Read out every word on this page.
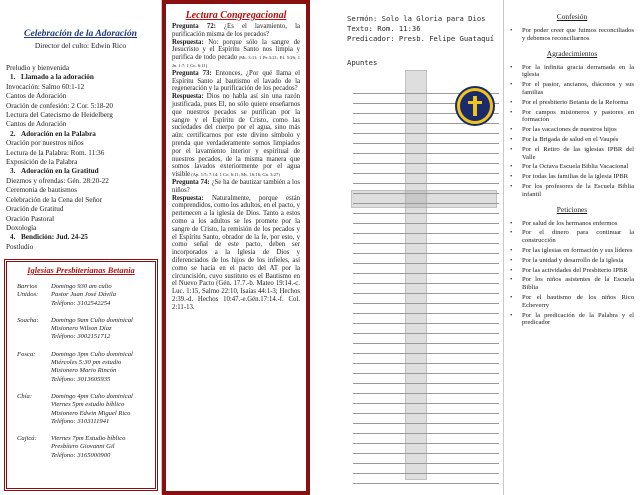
Celebración de la Adoración
Director del culto: Edwin Rico
Preludio y bienvenida
1. Llamado a la adoración
Invocación: Salmo 60:1-12
Cantos de Adoración
Oración de confesión: 2 Cor. 5:18-20
Lectura del Catecismo de Heidelberg
Cantos de Adoración
2. Adoración en la Palabra
Oración por nuestros niños
Lectura de la Palabra: Rom. 11:36
Exposición de la Palabra
3. Adoración en la Gratitud
Diezmos y ofrendas: Gén. 28:20-22
Ceremonia de bautismos
Celebración de la Cena del Señor
Oración de Gratitud
Oración Pastoral
Doxología
4. Bendición: Jud. 24-25
Postludio
Iglesias Presbiterianas Betania
Barrios Unidos:
Domingo 930 am culto
Pastor Juan José Dávila
Teléfono: 3102542254
Soacha:	Domingo 9am Culto dominical
Misionero Wilson Díaz
Teléfono: 3002151712
Fosca:	Domingo 3pm Culto dominical
Miércoles 5:30 pm estudio
Misionero Mario Rincón
Teléfono: 3013605935
Chía:	Domingo 4pm Culto dominical
Viernes 5pm estudio bíblico
Misionero Edwin Miguel Rico
Teléfono: 3103111941
Cajicá:	Viernes 7pm Estudio bíblico
Presbítero Giovanni Gil
Teléfono: 3165000900
Lectura Congregacional

Pregunta 72: ¿Es el lavamiento, la purificación misma de los pecados?

Respuesta: No: porque sólo la sangre de Jesucristo y el Espíritu Santo nos limpia y purifica de todo pecado (Mt. 3:11; 1 Pe.3:21; Ef. 5:26; 1 Jn. 1:7; 1 Co. 6:11)

Pregunta 73: Entonces, ¿Por qué llama el Espíritu Santo al bautismo el lavado de la regeneración y la purificación de los pecados?

Respuesta: Dios no habla así sin una razón justificada, pues El, no sólo quiere enseñarnos que nuestros pecados se purifican por la sangre y el Espíritu de Cristo, como las suciedades del cuerpo por el agua, sino más aún: certificarnos por este divino símbolo y prenda que verdaderamente somos limpiados por el lavamiento interior y espiritual de nuestros pecados, de la misma manera que somos lavados exteriormente por el agua visible (Ap. 1:5; 7:14; 1 Co. 6:11; Mc. 16:16; Gá. 3:27)

Pregunta 74: ¿Se ha de bautizar también a los niños?

Respuesta: Naturalmente, porque están comprendidos, como los adultos, en el pacto, y pertenecen a la iglesia de Dios. Tanto a estos como a los adultos se les promete por la sangre de Cristo, la remisión de los pecados y el Espíritu Santo, obrador de la fe, por esto, y como señal de este pacto, deben ser incorporados a la Iglesia de Dios y diferenciados de los hijos de los infieles, así como se hacía en el pacto del AT por la circuncisión, cuyo sustituto es el Bautismo en el Nuevo Pacto (Gén. 17.7.-b. Mateo 19:14.-c. Luc. 1:15, Salmo 22:10, Isaías 44:1-3; Hechos 2:39.-d. Hechos 10:47.-e.Gén.17:14.-f. Col. 2:11-13.

Sermón: Solo la Gloria para Dios
Texto: Rom. 11:36
Predicador: Presb. Felipe Guataquí
Apuntes
Confesión
•	Por poder creer que fuimos reconciliados y debemos reconciliarnos
Agradecimientos
•	Por la infinita gracia derramada en la iglesia
•	Por el pastor, ancianos, diáconos y sus familias
•	Por el presbiterio Betania de la Reforma
•	Por campos misioneros y pastores en formación
•	Por las vacaciones de nuestros hijos
•	Por la Brigada de salud en el Vaupés
•	Por el Retiro de las iglesias IPBR del Valle
•	Por la Octava Escuela Biblia Vacacional
•	Por todas las familias de la iglesia IPBR
•	Por los profesores de la Escuela Biblia infantil
Peticiones
•	Por salud de los hermanos enfermos
•	Por el dinero para continuar la construcción
•	Por las iglesias en formación y sus líderes
•	Por la unidad y desarrollo de la iglesia
•	Por las actividades del Presbiterio IPBR
•	Por los niños asistentes de la Escuela Biblia
•	Por el bautismo de los niños Rico Echeverry
•	Por la predicación de la Palabra y el predicador
